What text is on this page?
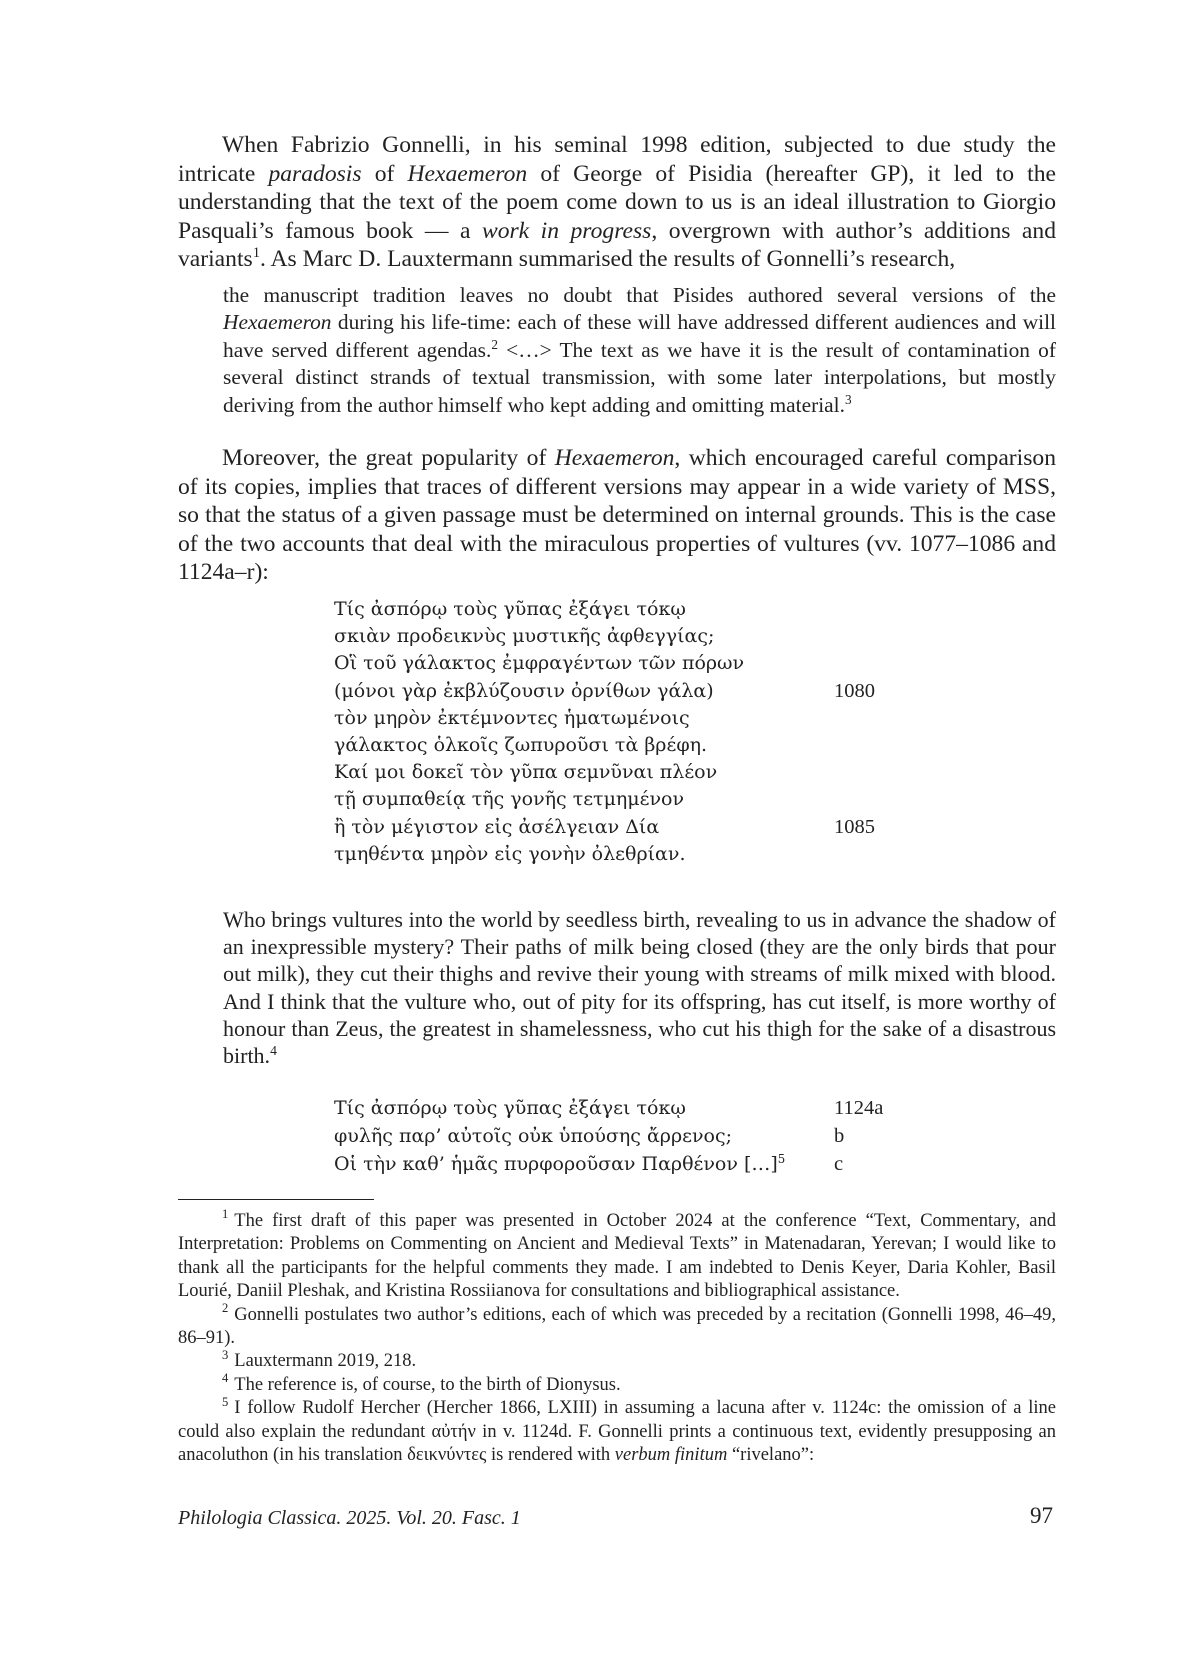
When Fabrizio Gonnelli, in his seminal 1998 edition, subjected to due study the intricate paradosis of Hexaemeron of George of Pisidia (hereafter GP), it led to the understanding that the text of the poem come down to us is an ideal illustration to Giorgio Pasquali’s famous book — a work in progress, overgrown with author’s additions and variants$^1$. As Marc D. Lauxtermann summarised the results of Gonnelli’s research,

the manuscript tradition leaves no doubt that Pisides authored several versions of the Hexaemeron during his life-time: each of these will have addressed different audiences and will have served different agendas.$^2$ <…> The text as we have it is the result of contamination of several distinct strands of textual transmission, with some later interpolations, but mostly deriving from the author himself who kept adding and omitting material.$^3$

Moreover, the great popularity of Hexaemeron, which encouraged careful comparison of its copies, implies that traces of different versions may appear in a wide variety of MSS, so that the status of a given passage must be determined on internal grounds. This is the case of the two accounts that deal with the miraculous properties of vultures (vv. 1077–1086 and 1124a–r):

Τίς ἀσπόρῳ τοὺς γῦπας ἐξάγει τόκῳ
σκιὰν προδεικνὺς μυστικῆς ἀφθεγγίας;
Οἳ τοῦ γάλακτος ἐμφραγέντων τῶν πόρων
(μόνοι γὰρ ἐκβλύζουσιν ὀρνίθων γάλα)	1080
τὸν μηρὸν ἐκτέμνοντες ἡματωμένοις
γάλακτος ὁλκοῖς ζωπυροῦσι τὰ βρέφη.
Καί μοι δοκεῖ τὸν γῦπα σεμνῦναι πλέον
τῇ συμπαθείᾳ τῆς γονῆς τετμημένον
ἢ τὸν μέγιστον εἰς ἀσέλγειαν Δία	1085
τμηθέντα μηρὸν εἰς γονὴν ὀλεθρίαν.

Who brings vultures into the world by seedless birth, revealing to us in advance the shadow of an inexpressible mystery? Their paths of milk being closed (they are the only birds that pour out milk), they cut their thighs and revive their young with streams of milk mixed with blood. And I think that the vulture who, out of pity for its offspring, has cut itself, is more worthy of honour than Zeus, the greatest in shamelessness, who cut his thigh for the sake of a disastrous birth.$^4$

Τίς ἀσπόρῳ τοὺς γῦπας ἐξάγει τόκῳ	1124a
φυλῆς παρ’ αὐτοῖς οὐκ ὑπούσης ἄρρενος;	b
Οἱ τὴν καθ’ ἡμᾶς πυρφοροῦσαν Παρθένον […]$^5$ c

$^1$ The first draft of this paper was presented in October 2024 at the conference “Text, Commentary, and Interpretation: Problems on Commenting on Ancient and Medieval Texts” in Matenadaran, Yerevan; I would like to thank all the participants for the helpful comments they made. I am indebted to Denis Keyer, Daria Kohler, Basil Lourié, Daniil Pleshak, and Kristina Rossiianova for consultations and bibliographical assistance.

$^2$ Gonnelli postulates two author’s editions, each of which was preceded by a recitation (Gonnelli 1998, 46–49, 86–91).

$^3$ Lauxtermann 2019, 218.

$^4$ The reference is, of course, to the birth of Dionysus.

$^5$ I follow Rudolf Hercher (Hercher 1866, LXIII) in assuming a lacuna after v. 1124c: the omission of a line could also explain the redundant αὐτήν in v. 1124d. F. Gonnelli prints a continuous text, evidently presupposing an anacoluthon (in his translation δεικνύντες is rendered with verbum finitum “rivelano”:

Philologia Classica. 2025. Vol. 20. Fasc. 1	97
